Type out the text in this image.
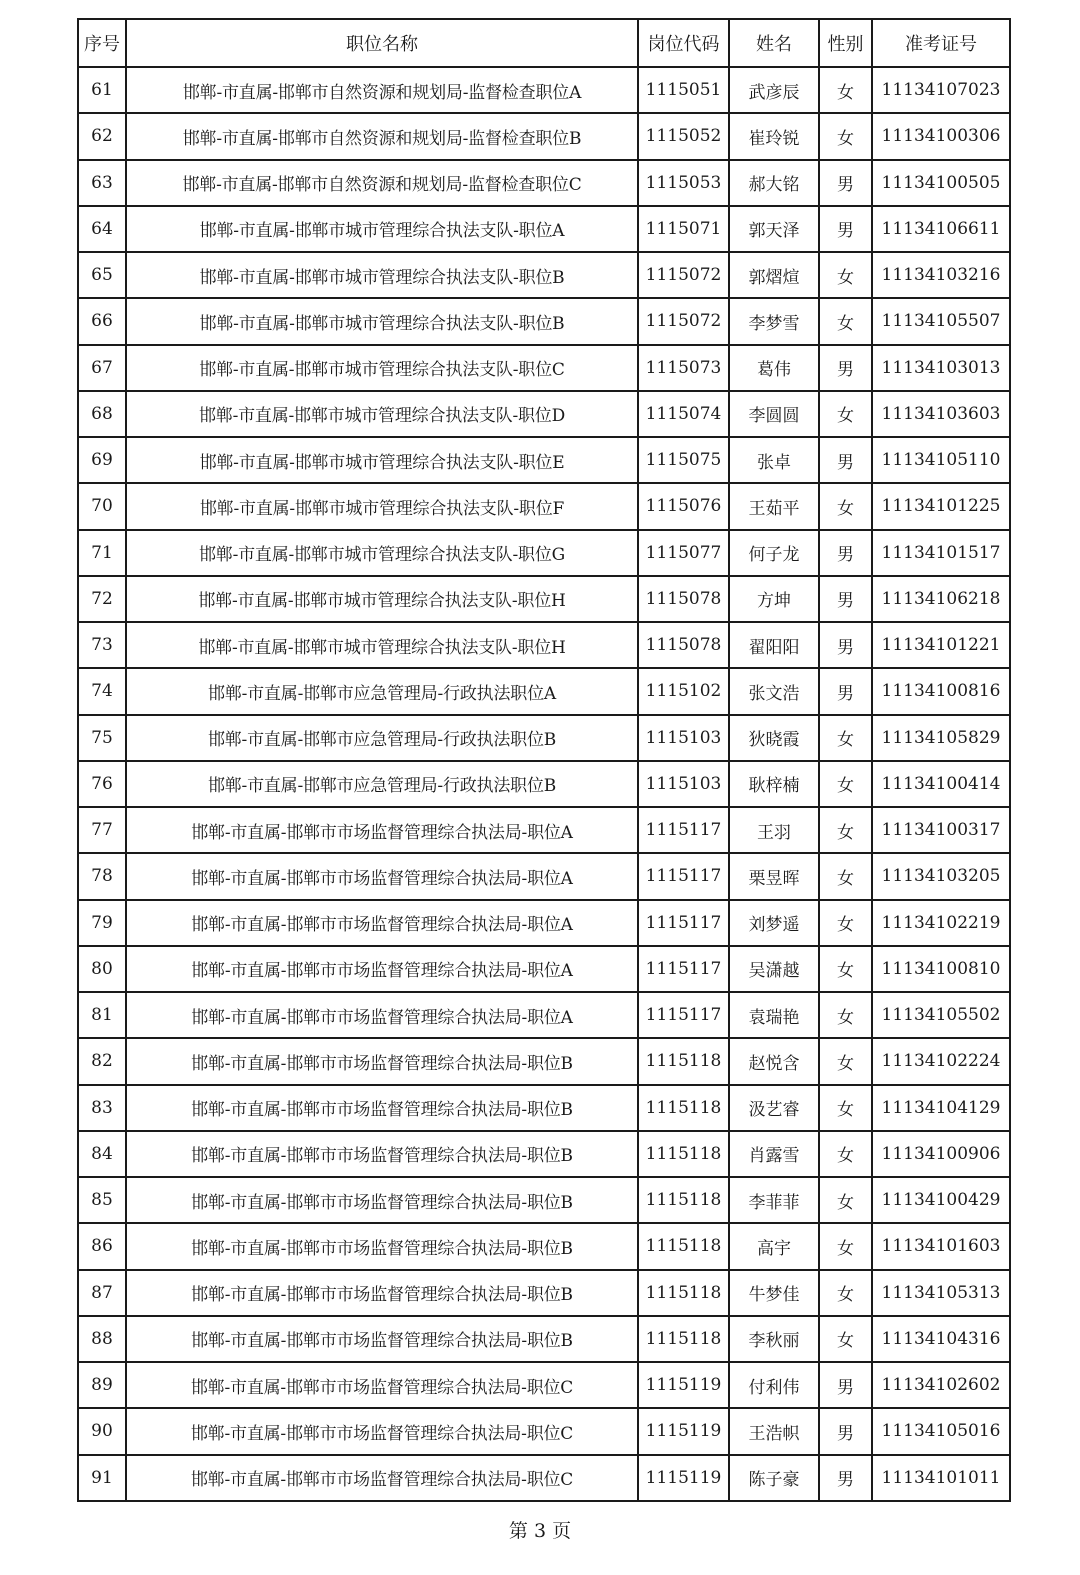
序号	职位名称	岗位代码	姓名	性别	准考证号
61	邯郸-市直属-邯郸市自然资源和规划局-监督检查职位A	1115051	武彦辰	女	11134107023
62	邯郸-市直属-邯郸市自然资源和规划局-监督检查职位B	1115052	崔玲锐	女	11134100306
63	邯郸-市直属-邯郸市自然资源和规划局-监督检查职位C	1115053	郝大铭	男	11134100505
64	邯郸-市直属-邯郸市城市管理综合执法支队-职位A	1115071	郭天泽	男	11134106611
65	邯郸-市直属-邯郸市城市管理综合执法支队-职位B	1115072	郭熠煊	女	11134103216
66	邯郸-市直属-邯郸市城市管理综合执法支队-职位B	1115072	李梦雪	女	11134105507
67	邯郸-市直属-邯郸市城市管理综合执法支队-职位C	1115073	葛伟	男	11134103013
68	邯郸-市直属-邯郸市城市管理综合执法支队-职位D	1115074	李圆圆	女	11134103603
69	邯郸-市直属-邯郸市城市管理综合执法支队-职位E	1115075	张卓	男	11134105110
70	邯郸-市直属-邯郸市城市管理综合执法支队-职位F	1115076	王茹平	女	11134101225
71	邯郸-市直属-邯郸市城市管理综合执法支队-职位G	1115077	何子龙	男	11134101517
72	邯郸-市直属-邯郸市城市管理综合执法支队-职位H	1115078	方坤	男	11134106218
73	邯郸-市直属-邯郸市城市管理综合执法支队-职位H	1115078	翟阳阳	男	11134101221
74	邯郸-市直属-邯郸市应急管理局-行政执法职位A	1115102	张文浩	男	11134100816
75	邯郸-市直属-邯郸市应急管理局-行政执法职位B	1115103	狄晓霞	女	11134105829
76	邯郸-市直属-邯郸市应急管理局-行政执法职位B	1115103	耿梓楠	女	11134100414
77	邯郸-市直属-邯郸市市场监督管理综合执法局-职位A	1115117	王羽	女	11134100317
78	邯郸-市直属-邯郸市市场监督管理综合执法局-职位A	1115117	栗昱晖	女	11134103205
79	邯郸-市直属-邯郸市市场监督管理综合执法局-职位A	1115117	刘梦遥	女	11134102219
80	邯郸-市直属-邯郸市市场监督管理综合执法局-职位A	1115117	吴潇越	女	11134100810
81	邯郸-市直属-邯郸市市场监督管理综合执法局-职位A	1115117	袁瑞艳	女	11134105502
82	邯郸-市直属-邯郸市市场监督管理综合执法局-职位B	1115118	赵悦含	女	11134102224
83	邯郸-市直属-邯郸市市场监督管理综合执法局-职位B	1115118	汲艺睿	女	11134104129
84	邯郸-市直属-邯郸市市场监督管理综合执法局-职位B	1115118	肖露雪	女	11134100906
85	邯郸-市直属-邯郸市市场监督管理综合执法局-职位B	1115118	李菲菲	女	11134100429
86	邯郸-市直属-邯郸市市场监督管理综合执法局-职位B	1115118	高宇	女	11134101603
87	邯郸-市直属-邯郸市市场监督管理综合执法局-职位B	1115118	牛梦佳	女	11134105313
88	邯郸-市直属-邯郸市市场监督管理综合执法局-职位B	1115118	李秋丽	女	11134104316
89	邯郸-市直属-邯郸市市场监督管理综合执法局-职位C	1115119	付利伟	男	11134102602
90	邯郸-市直属-邯郸市市场监督管理综合执法局-职位C	1115119	王浩帜	男	11134105016
91	邯郸-市直属-邯郸市市场监督管理综合执法局-职位C	1115119	陈子豪	男	11134101011
第 3 页
